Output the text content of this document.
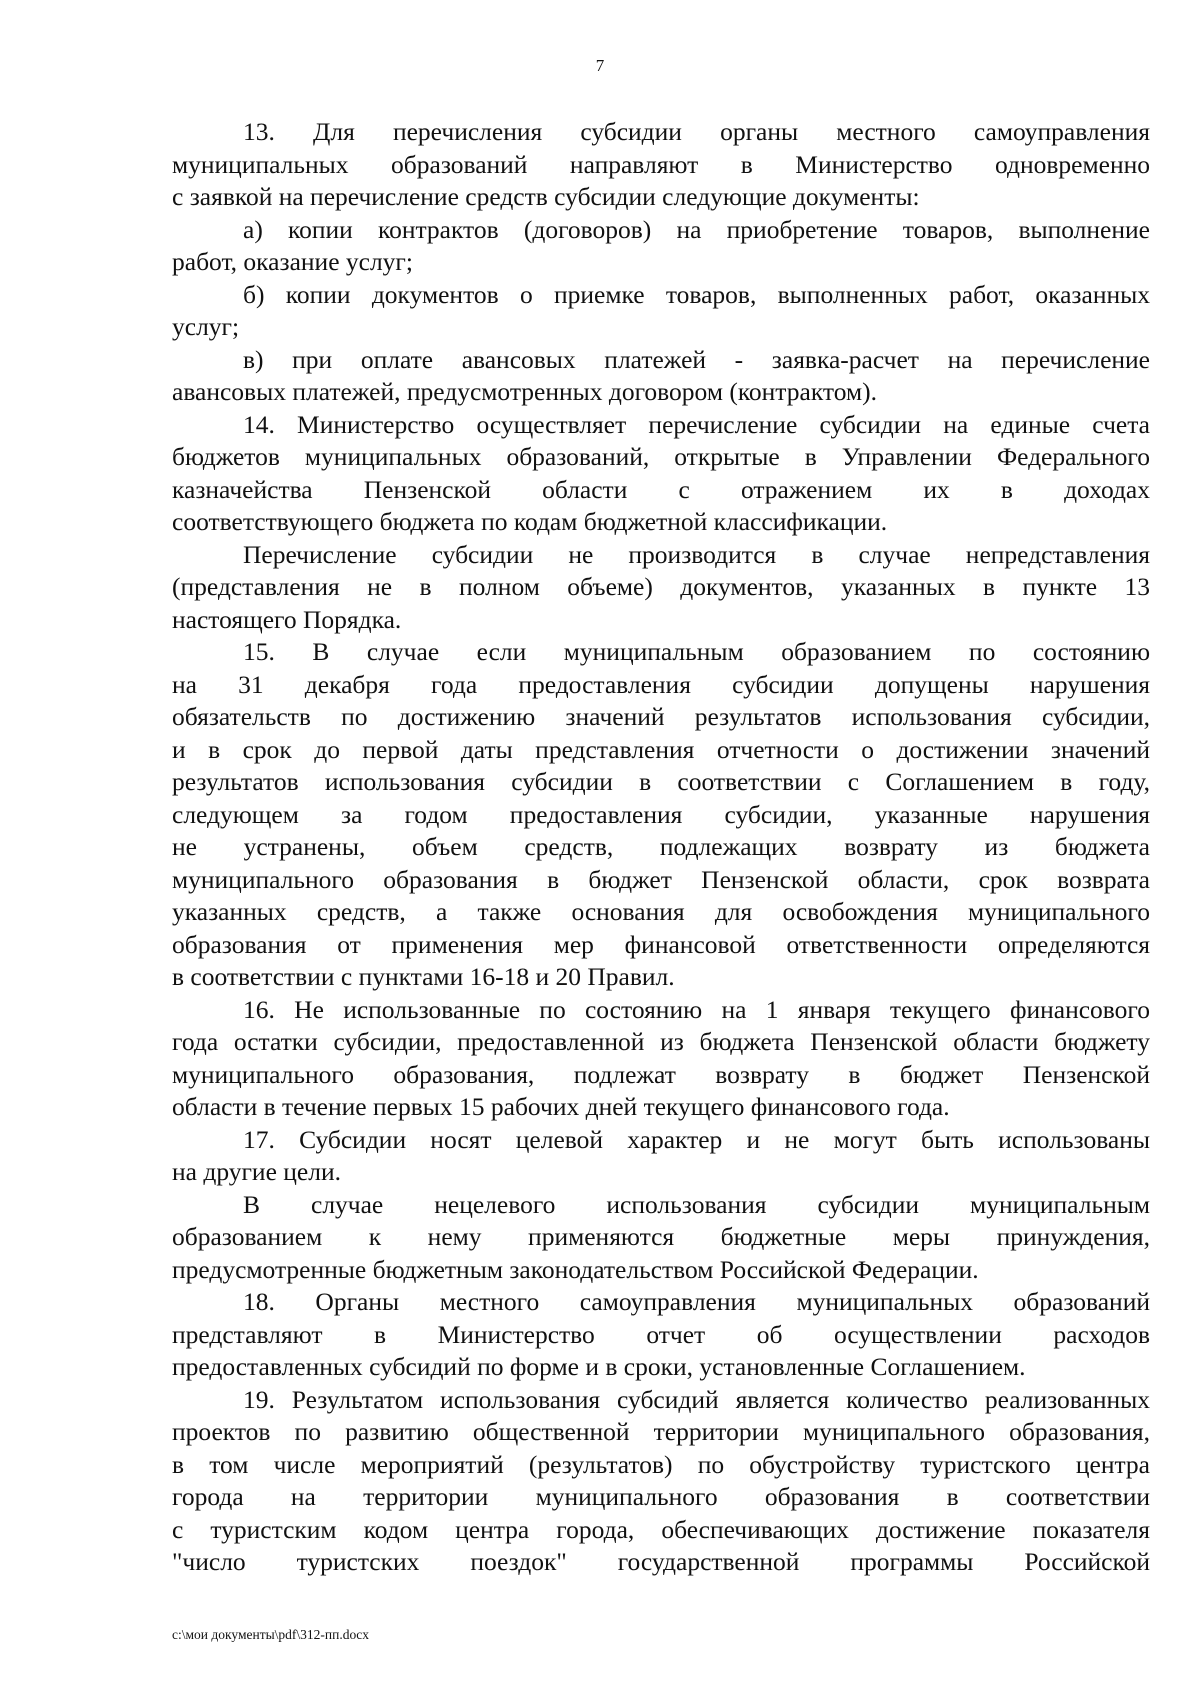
7
13. Для перечисления субсидии органы местного самоуправления
муниципальных образований направляют в Министерство одновременно
с заявкой на перечисление средств субсидии следующие документы:
а) копии контрактов (договоров) на приобретение товаров, выполнение
работ, оказание услуг;
б) копии документов о приемке товаров, выполненных работ, оказанных
услуг;
в) при оплате авансовых платежей - заявка-расчет на перечисление
авансовых платежей, предусмотренных договором (контрактом).
14. Министерство осуществляет перечисление субсидии на единые счета
бюджетов муниципальных образований, открытые в Управлении Федерального
казначейства Пензенской области с отражением их в доходах
соответствующего бюджета по кодам бюджетной классификации.
Перечисление субсидии не производится в случае непредставления
(представления не в полном объеме) документов, указанных в пункте 13
настоящего Порядка.
15. В случае если муниципальным образованием по состоянию
на 31 декабря года предоставления субсидии допущены нарушения
обязательств по достижению значений результатов использования субсидии,
и в срок до первой даты представления отчетности о достижении значений
результатов использования субсидии в соответствии с Соглашением в году,
следующем за годом предоставления субсидии, указанные нарушения
не устранены, объем средств, подлежащих возврату из бюджета
муниципального образования в бюджет Пензенской области, срок возврата
указанных средств, а также основания для освобождения муниципального
образования от применения мер финансовой ответственности определяются
в соответствии с пунктами 16-18 и 20 Правил.
16. Не использованные по состоянию на 1 января текущего финансового
года остатки субсидии, предоставленной из бюджета Пензенской области бюджету
муниципального образования, подлежат возврату в бюджет Пензенской
области в течение первых 15 рабочих дней текущего финансового года.
17. Субсидии носят целевой характер и не могут быть использованы
на другие цели.
В случае нецелевого использования субсидии муниципальным
образованием к нему применяются бюджетные меры принуждения,
предусмотренные бюджетным законодательством Российской Федерации.
18. Органы местного самоуправления муниципальных образований
представляют в Министерство отчет об осуществлении расходов
предоставленных субсидий по форме и в сроки, установленные Соглашением.
19. Результатом использования субсидий является количество реализованных
проектов по развитию общественной территории муниципального образования,
в том числе мероприятий (результатов) по обустройству туристского центра
города на территории муниципального образования в соответствии
с туристским кодом центра города, обеспечивающих достижение показателя
"число туристских поездок" государственной программы Российской
c:\мои документы\pdf\312-пп.docx
